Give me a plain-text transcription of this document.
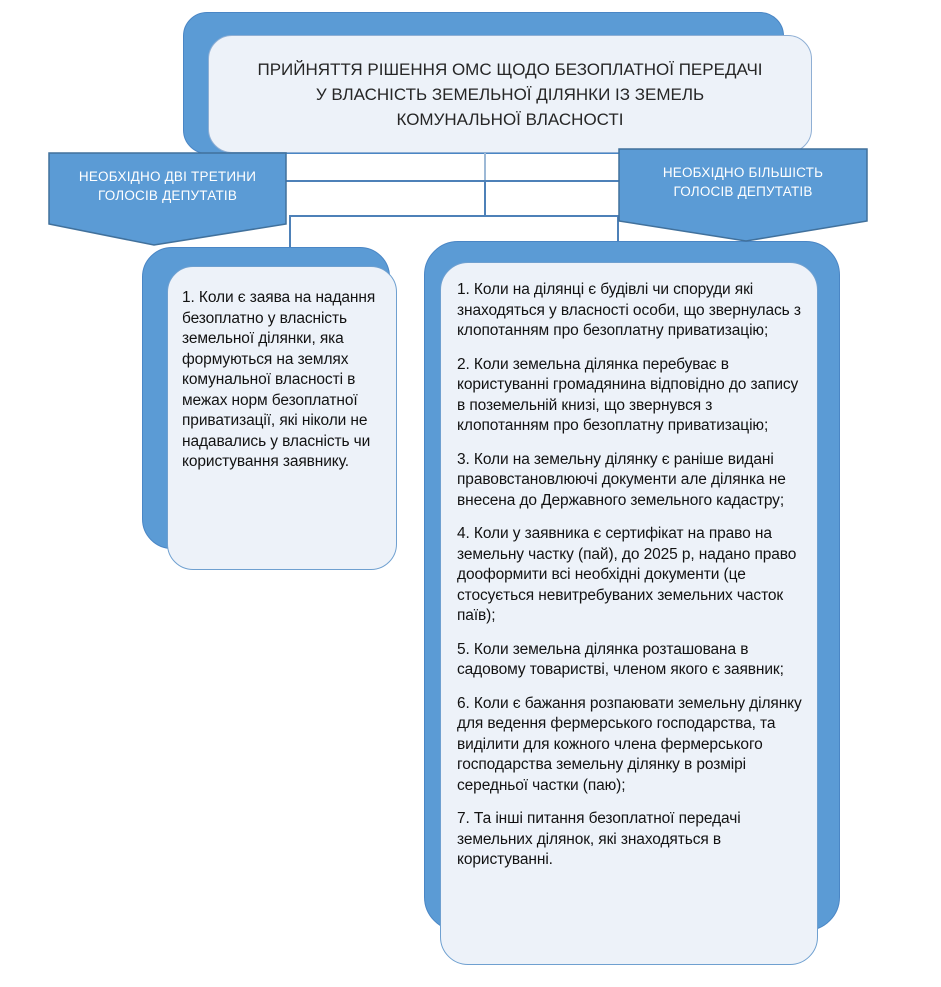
ПРИЙНЯТТЯ РІШЕННЯ ОМС ЩОДО БЕЗОПЛАТНОЇ ПЕРЕДАЧІ
У ВЛАСНІСТЬ ЗЕМЕЛЬНОЇ ДІЛЯНКИ ІЗ ЗЕМЕЛЬ
КОМУНАЛЬНОЇ ВЛАСНОСТІ
НЕОБХІДНО ДВІ ТРЕТИНИ
ГОЛОСІВ ДЕПУТАТІВ
НЕОБХІДНО БІЛЬШІСТЬ
ГОЛОСІВ ДЕПУТАТІВ

1. Коли є заява на надання безоплатно у власність земельної ділянки, яка формуються на землях комунальної власності в межах норм безоплатної приватизації, які ніколи не надавались у власність чи користування заявнику.

1. Коли на ділянці є будівлі чи споруди які знаходяться у власності особи, що звернулась з клопотанням про безоплатну приватизацію;

2. Коли земельна ділянка перебуває в користуванні громадянина відповідно до запису в поземельній книзі, що звернувся з клопотанням про безоплатну приватизацію;

3. Коли на земельну ділянку є раніше видані правовстановлюючі документи але ділянка не внесена до Державного земельного кадастру;

4. Коли у заявника є сертифікат на право на земельну частку (пай), до 2025 р, надано право дооформити всі необхідні документи (це стосується невитребуваних земельних часток паїв);

5. Коли земельна ділянка розташована в садовому товаристві, членом якого є заявник;

6. Коли є бажання розпаювати земельну ділянку для ведення фермерського господарства, та виділити для кожного члена фермерського господарства земельну ділянку в розмірі середньої частки (паю);

7. Та інші питання безоплатної передачі земельних ділянок, які знаходяться в користуванні.
